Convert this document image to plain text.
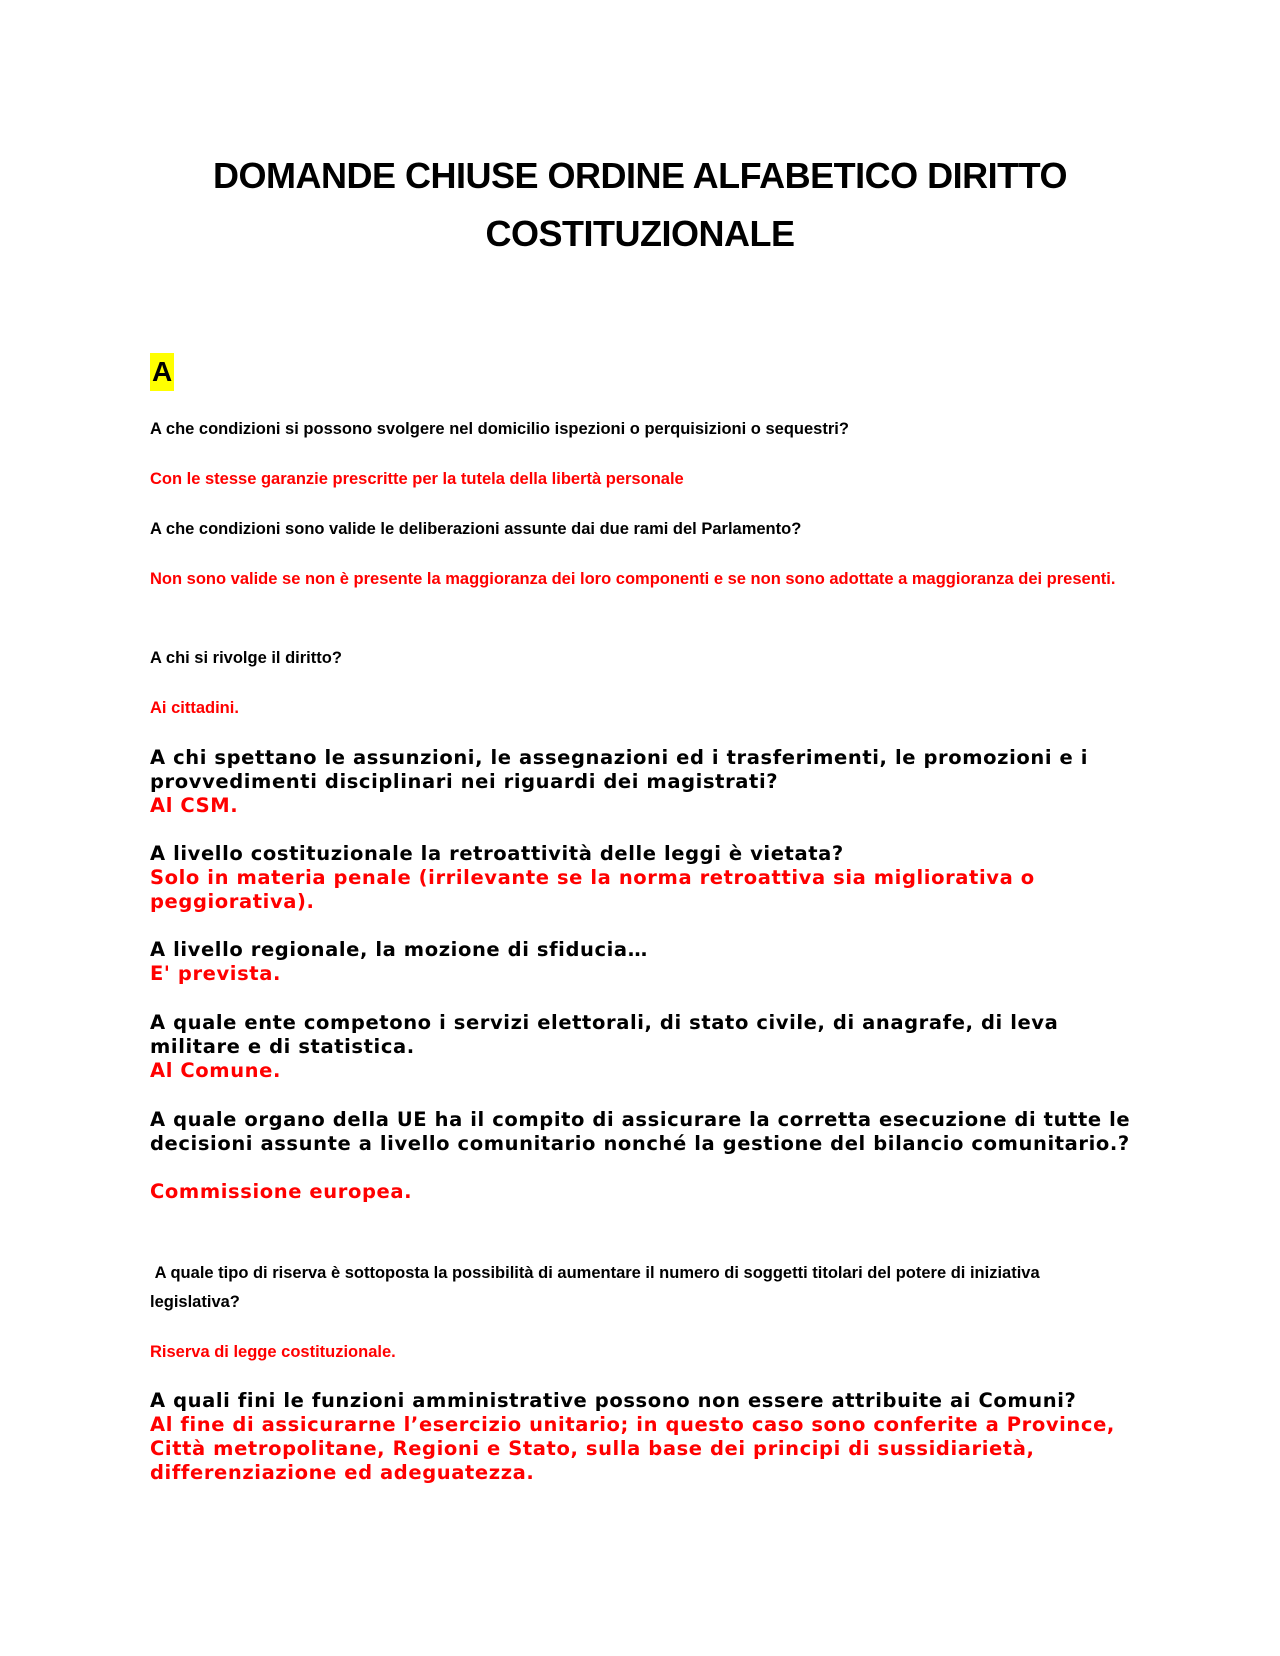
DOMANDE CHIUSE ORDINE ALFABETICO DIRITTO
COSTITUZIONALE
A

A che condizioni si possono svolgere nel domicilio ispezioni o perquisizioni o sequestri?

Con le stesse garanzie prescritte per la tutela della libertà personale

A che condizioni sono valide le deliberazioni assunte dai due rami del Parlamento?

Non sono valide se non è presente la maggioranza dei loro componenti e se non sono adottate a maggioranza dei presenti.

A chi si rivolge il diritto?

Ai cittadini.

A chi spettano le assunzioni, le assegnazioni ed i trasferimenti, le promozioni e i provvedimenti disciplinari nei riguardi dei magistrati?

Al CSM.

A livello costituzionale la retroattività delle leggi è vietata?

Solo in materia penale (irrilevante se la norma retroattiva sia migliorativa o peggiorativa).

A livello regionale, la mozione di sfiducia…

E' prevista.

A quale ente competono i servizi elettorali, di stato civile, di anagrafe, di leva militare e di statistica.

Al Comune.

A quale organo della UE ha il compito di assicurare la corretta esecuzione di tutte le decisioni assunte a livello comunitario nonché la gestione del bilancio comunitario.?

Commissione europea.

A quale tipo di riserva è sottoposta la possibilità di aumentare il numero di soggetti titolari del potere di iniziativa legislativa?

Riserva di legge costituzionale.

A quali fini le funzioni amministrative possono non essere attribuite ai Comuni?

Al fine di assicurarne l’esercizio unitario; in questo caso sono conferite a Province, Città metropolitane, Regioni e Stato, sulla base dei principi di sussidiarietà, differenziazione ed adeguatezza.
